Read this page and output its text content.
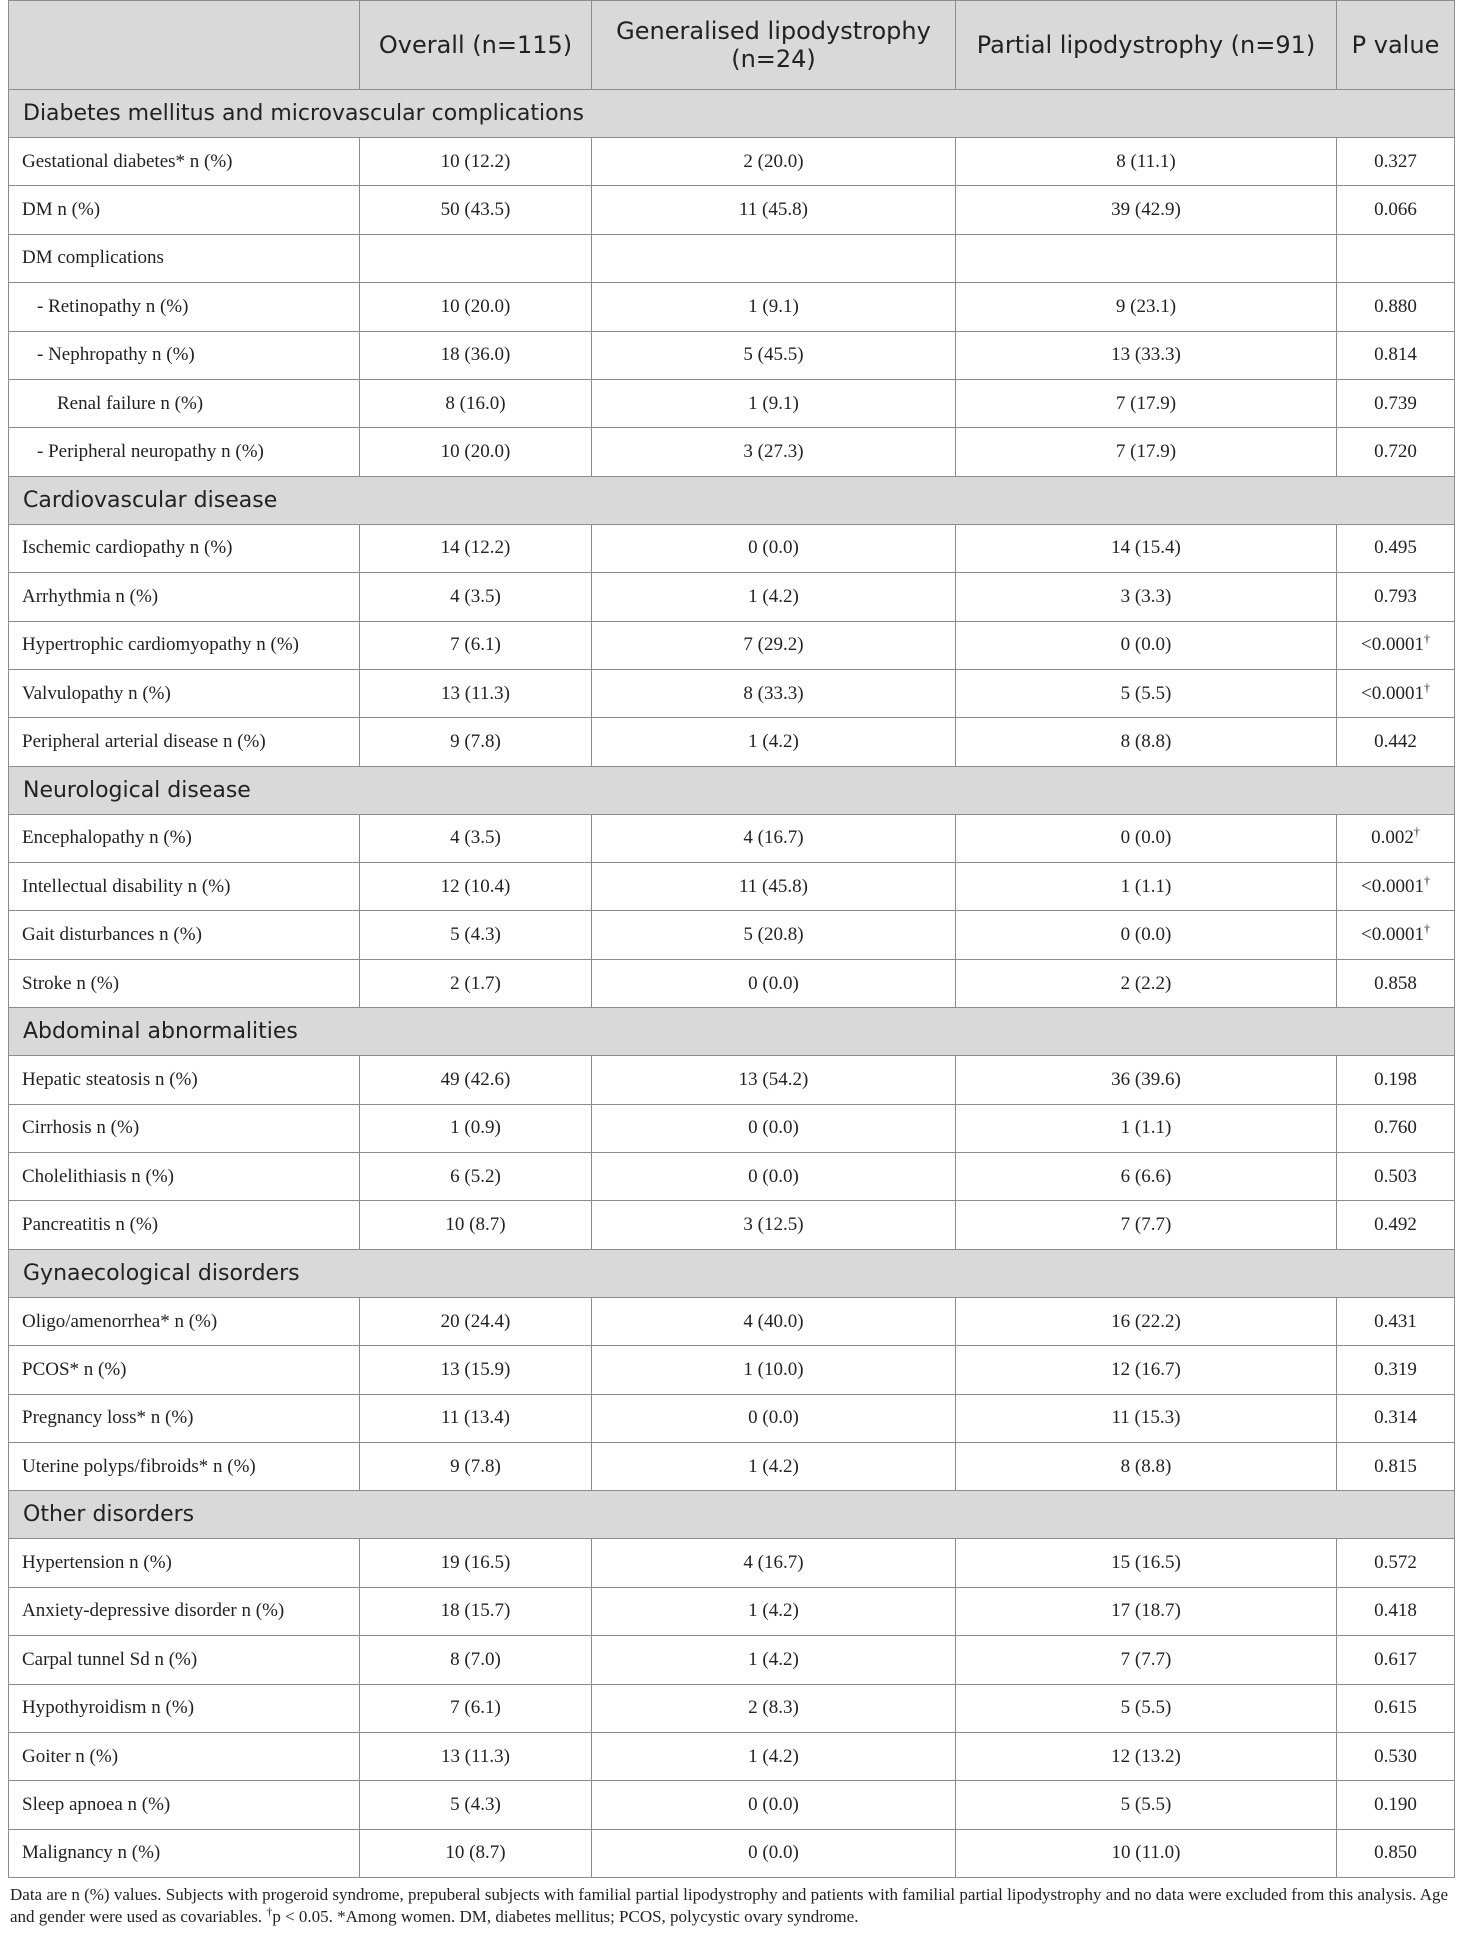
	Overall (n=115)	Generalised lipodystrophy (n=24)	Partial lipodystrophy (n=91)	P value
Diabetes mellitus and microvascular complications				
Gestational diabetes* n (%)	10 (12.2)	2 (20.0)	8 (11.1)	0.327
DM n (%)	50 (43.5)	11 (45.8)	39 (42.9)	0.066
DM complications				
- Retinopathy n (%)	10 (20.0)	1 (9.1)	9 (23.1)	0.880
- Nephropathy n (%)	18 (36.0)	5 (45.5)	13 (33.3)	0.814
Renal failure n (%)	8 (16.0)	1 (9.1)	7 (17.9)	0.739
- Peripheral neuropathy n (%)	10 (20.0)	3 (27.3)	7 (17.9)	0.720
Cardiovascular disease				
Ischemic cardiopathy n (%)	14 (12.2)	0 (0.0)	14 (15.4)	0.495
Arrhythmia n (%)	4 (3.5)	1 (4.2)	3 (3.3)	0.793
Hypertrophic cardiomyopathy n (%)	7 (6.1)	7 (29.2)	0 (0.0)	<0.0001†
Valvulopathy n (%)	13 (11.3)	8 (33.3)	5 (5.5)	<0.0001†
Peripheral arterial disease n (%)	9 (7.8)	1 (4.2)	8 (8.8)	0.442
Neurological disease				
Encephalopathy n (%)	4 (3.5)	4 (16.7)	0 (0.0)	0.002†
Intellectual disability n (%)	12 (10.4)	11 (45.8)	1 (1.1)	<0.0001†
Gait disturbances n (%)	5 (4.3)	5 (20.8)	0 (0.0)	<0.0001†
Stroke n (%)	2 (1.7)	0 (0.0)	2 (2.2)	0.858
Abdominal abnormalities				
Hepatic steatosis n (%)	49 (42.6)	13 (54.2)	36 (39.6)	0.198
Cirrhosis n (%)	1 (0.9)	0 (0.0)	1 (1.1)	0.760
Cholelithiasis n (%)	6 (5.2)	0 (0.0)	6 (6.6)	0.503
Pancreatitis n (%)	10 (8.7)	3 (12.5)	7 (7.7)	0.492
Gynaecological disorders				
Oligo/amenorrhea* n (%)	20 (24.4)	4 (40.0)	16 (22.2)	0.431
PCOS* n (%)	13 (15.9)	1 (10.0)	12 (16.7)	0.319
Pregnancy loss* n (%)	11 (13.4)	0 (0.0)	11 (15.3)	0.314
Uterine polyps/fibroids* n (%)	9 (7.8)	1 (4.2)	8 (8.8)	0.815
Other disorders				
Hypertension n (%)	19 (16.5)	4 (16.7)	15 (16.5)	0.572
Anxiety-depressive disorder n (%)	18 (15.7)	1 (4.2)	17 (18.7)	0.418
Carpal tunnel Sd n (%)	8 (7.0)	1 (4.2)	7 (7.7)	0.617
Hypothyroidism n (%)	7 (6.1)	2 (8.3)	5 (5.5)	0.615
Goiter n (%)	13 (11.3)	1 (4.2)	12 (13.2)	0.530
Sleep apnoea n (%)	5 (4.3)	0 (0.0)	5 (5.5)	0.190
Malignancy n (%)	10 (8.7)	0 (0.0)	10 (11.0)	0.850
Data are n (%) values. Subjects with progeroid syndrome, prepuberal subjects with familial partial lipodystrophy and patients with familial partial lipodystrophy and no data were excluded from this analysis. Age and gender were used as covariables. †p < 0.05. *Among women. DM, diabetes mellitus; PCOS, polycystic ovary syndrome.
